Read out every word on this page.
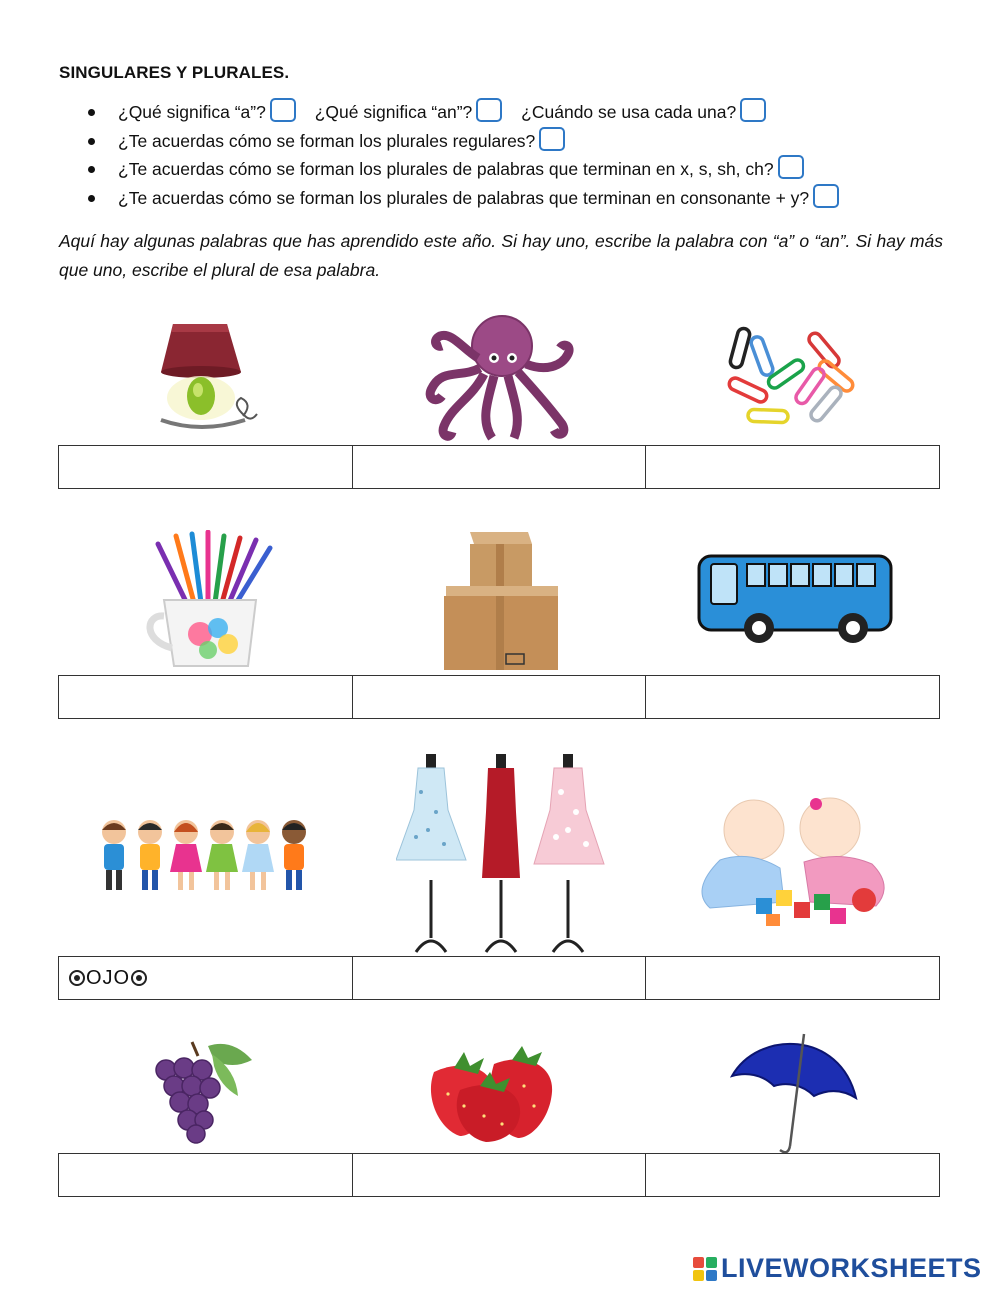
SINGULARES Y PLURALES.
¿Qué significa “a”?	¿Qué significa “an”?	¿Cuándo se usa cada una?
¿Te acuerdas cómo se forman los plurales regulares?
¿Te acuerdas cómo se forman los plurales de palabras que terminan en x, s, sh, ch?
¿Te acuerdas cómo se forman los plurales de palabras que terminan en consonante + y?
Aquí hay algunas palabras que has aprendido este año. Si hay uno, escribe la palabra con “a” o “an”. Si hay más que uno, escribe el plural de esa palabra.
OJO
LIVEWORKSHEETS
